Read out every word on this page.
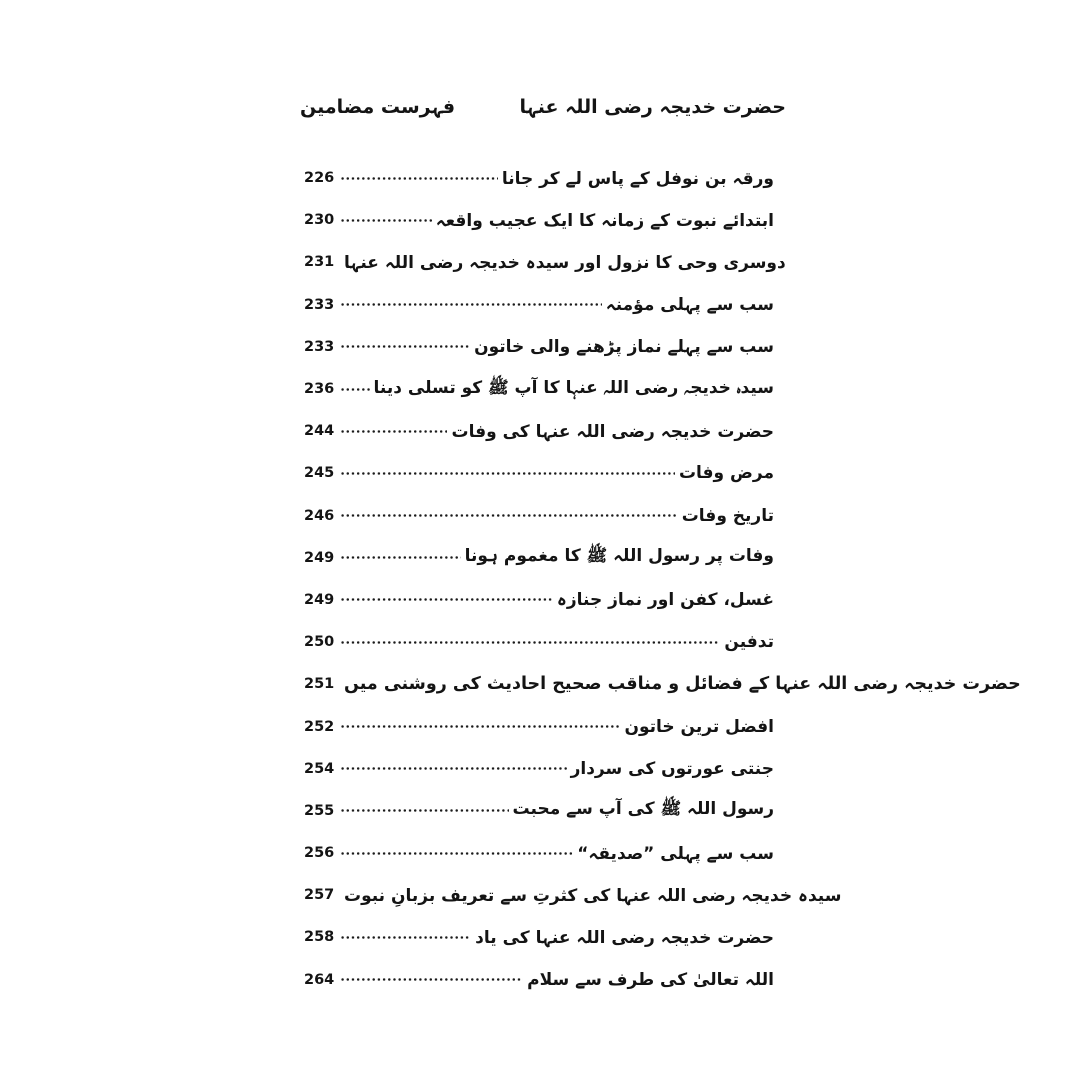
حضرت خدیجہ رضی اللہ عنہا
فہرست مضامین
226	ورقہ بن نوفل کے پاس لے کر جانا
230	ابتدائے نبوت کے زمانہ کا ایک عجیب واقعہ
231 دوسری وحی کا نزول اور سیدہ خدیجہ رضی اللہ عنہا
233	سب سے پہلی مؤمنہ
233	سب سے پہلے نماز پڑھنے والی خاتون
236 سیدہ خدیجہ رضی اللہ عنہا کا آپ ﷺ کو تسلی دینا
244	حضرت خدیجہ رضی اللہ عنہا کی وفات
245	مرض وفات
246	تاریخ وفات
249	وفات پر رسول اللہ ﷺ کا مغموم ہونا
249	غسل، کفن اور نماز جنازہ
250	تدفین
251 حضرت خدیجہ رضی اللہ عنہا کے فضائل و مناقب صحیح احادیث کی روشنی میں
252	افضل ترین خاتون
254	جنتی عورتوں کی سردار
255	رسول اللہ ﷺ کی آپ سے محبت
256	سب سے پہلی ”صدیقہ“
257 سیدہ خدیجہ رضی اللہ عنہا کی کثرتِ سے تعریف بزبانِ نبوت
258	حضرت خدیجہ رضی اللہ عنہا کی یاد
264	اللہ تعالیٰ کی طرف سے سلام
